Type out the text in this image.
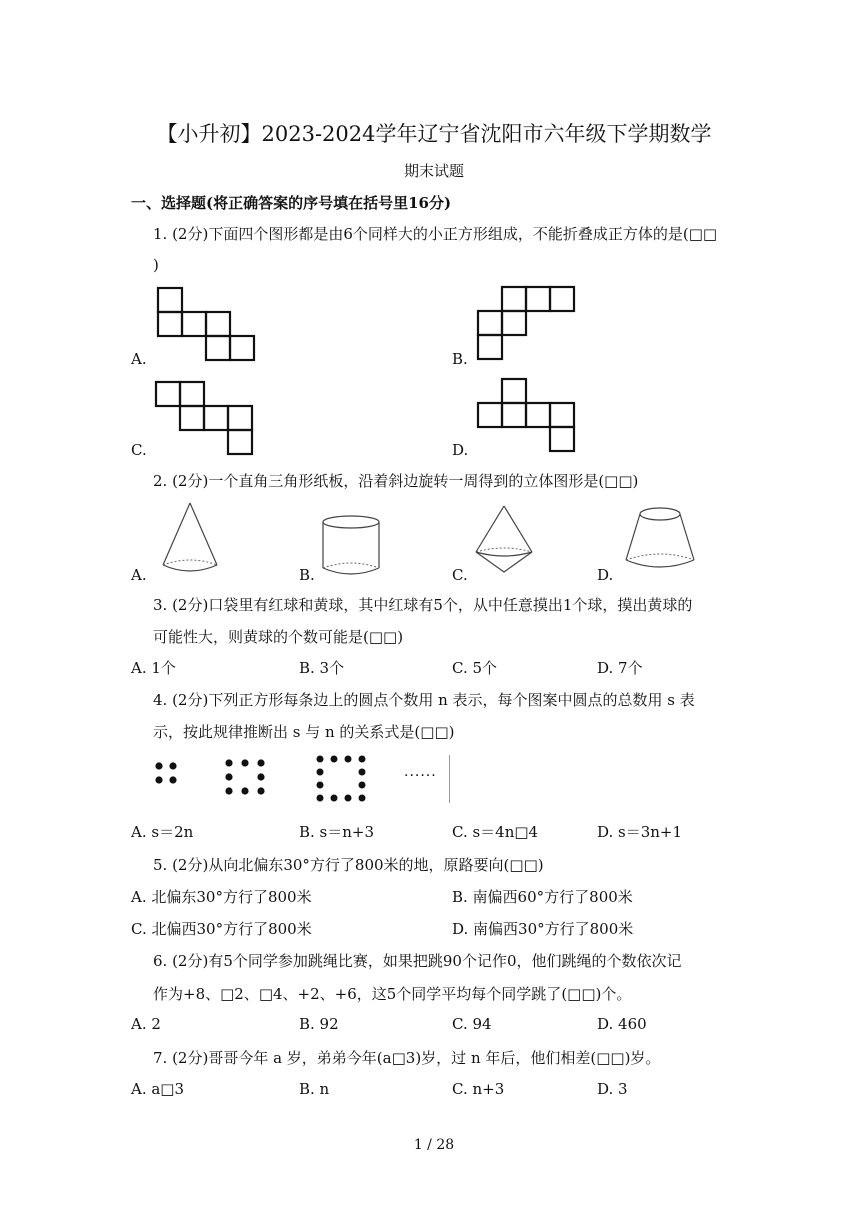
【小升初】2023-2024学年辽宁省沈阳市六年级下学期数学
期末试题
一、选择题(将正确答案的序号填在括号里16分)
1. (2分)下面四个图形都是由6个同样大的小正方形组成，不能折叠成正方体的是(□□
)
A.	B.
C.	D.
2. (2分)一个直角三角形纸板，沿着斜边旋转一周得到的立体图形是(□□)
A.	B.	C.	D.
3. (2分)口袋里有红球和黄球，其中红球有5个，从中任意摸出1个球，摸出黄球的
可能性大，则黄球的个数可能是(□□)
A. 1个	B. 3个	C. 5个	D. 7个
4. (2分)下列正方形每条边上的圆点个数用 n 表示，每个图案中圆点的总数用 s 表
示，按此规律推断出 s 与 n 的关系式是(□□)
......
A. s＝2n	B. s＝n+3	C. s＝4n□4	D. s＝3n+1
5. (2分)从向北偏东30°方行了800米的地，原路要向(□□)
A. 北偏东30°方行了800米	B. 南偏西60°方行了800米
C. 北偏西30°方行了800米	D. 南偏西30°方行了800米
6. (2分)有5个同学参加跳绳比赛，如果把跳90个记作0，他们跳绳的个数依次记
作为+8、□2、□4、+2、+6，这5个同学平均每个同学跳了(□□)个。
A. 2	B. 92	C. 94	D. 460
7. (2分)哥哥今年 a 岁，弟弟今年(a□3)岁，过 n 年后，他们相差(□□)岁。
A. a□3	B. n	C. n+3	D. 3
1 / 28
